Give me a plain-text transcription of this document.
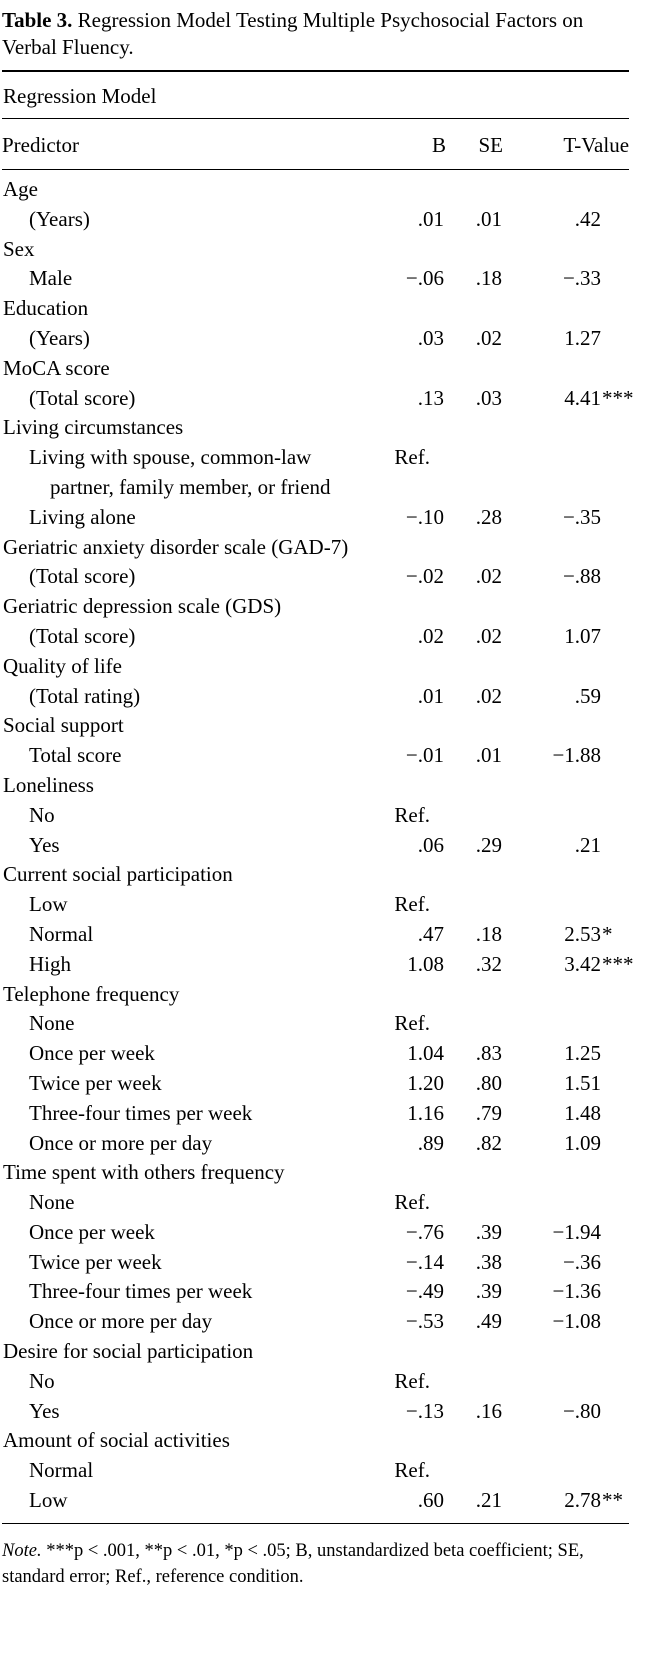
Table 3. Regression Model Testing Multiple Psychosocial Factors on Verbal Fluency.
Regression Model			
Predictor	B	SE	T-Value
Age			
(Years)	.01	.01	.42
Sex			
Male	−.06	.18	−.33
Education			
(Years)	.03	.02	1.27
MoCA score			
(Total score)	.13	.03	4.41 ***

Living circumstances			

Living with spouse, common-law partner, family member, or friend	Ref.		
Living alone	−.10	.28	−.35
Geriatric anxiety disorder scale (GAD-7)			
(Total score)	−.02	.02	−.88
Geriatric depression scale (GDS)			
(Total score)	.02	.02	1.07
Quality of life			
(Total rating)	.01	.02	.59
Social support			
Total score	−.01	.01	−1.88
Loneliness			
No	Ref.		
Yes	.06	.29	.21
Current social participation			
Low	Ref.		
Normal	.47	.18	2.53 *

High	1.08	.32	3.42 ***

Telephone frequency			
None	Ref.		
Once per week	1.04	.83	1.25
Twice per week	1.20	.80	1.51
Three-four times per week	1.16	.79	1.48
Once or more per day	.89	.82	1.09
Time spent with others frequency			
None	Ref.		
Once per week	−.76	.39	−1.94
Twice per week	−.14	.38	−.36
Three-four times per week	−.49	.39	−1.36
Once or more per day	−.53	.49	−1.08
Desire for social participation			
No	Ref.		
Yes	−.13	.16	−.80
Amount of social activities			
Normal	Ref.		
Low	.60	.21	2.78 **
Note. ***p < .001, **p < .01, *p < .05; B, unstandardized beta coefficient; SE, standard error; Ref., reference condition.
